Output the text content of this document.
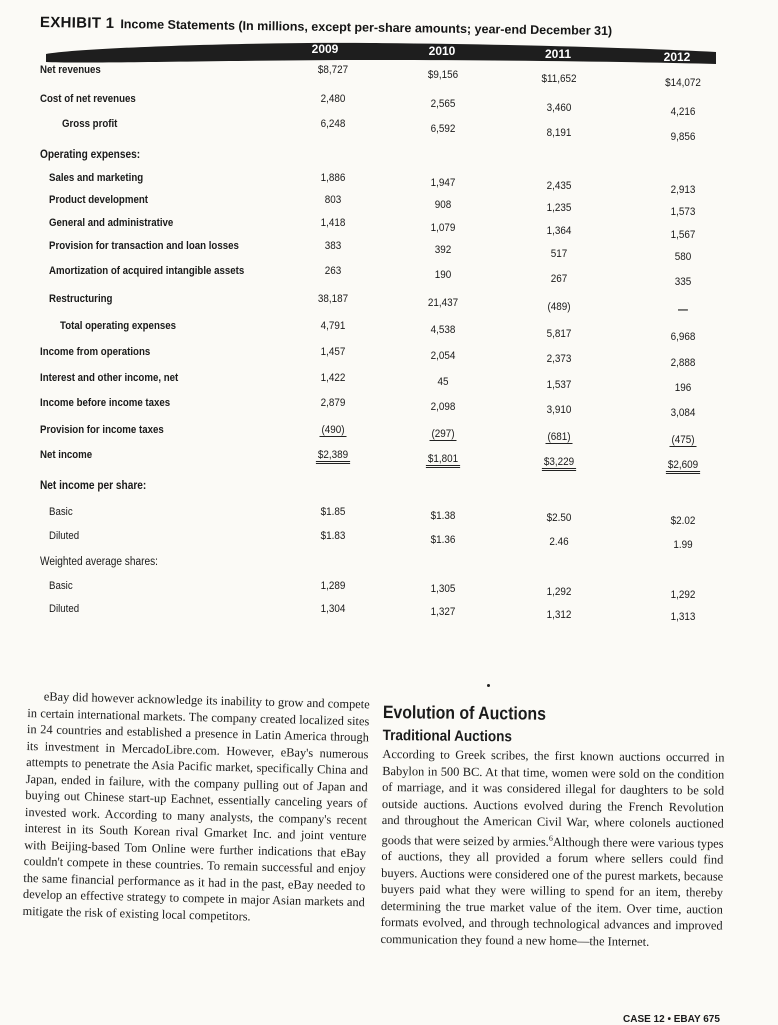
EXHIBIT 1 Income Statements (In millions, except per-share amounts; year-end December 31)
2009	2010	2011	2012
Net revenues	$8,727	$9,156	$11,652	$14,072
Cost of net revenues	2,480	2,565	3,460	4,216
Gross profit	6,248	6,592	8,191	9,856
Operating expenses:
Sales and marketing	1,886	1,947	2,435	2,913
Product development	803	908	1,235	1,573
General and administrative	1,418	1,079	1,364	1,567
Provision for transaction and loan losses	383	392	517	580
Amortization of acquired intangible assets	263	190	267	335
Restructuring	38,187	21,437	(489)	—
Total operating expenses	4,791	4,538	5,817	6,968
Income from operations	1,457	2,054	2,373	2,888
Interest and other income, net	1,422	45	1,537	196
Income before income taxes	2,879	2,098	3,910	3,084
Provision for income taxes	(490)	(297)	(681)	(475)
Net income	$2,389	$1,801	$3,229	$2,609
Net income per share:
Basic	$1.85	$1.38	$2.50	$2.02
Diluted	$1.83	$1.36	2.46	1.99
Weighted average shares:
Basic	1,289	1,305	1,292	1,292
Diluted	1,304	1,327	1,312	1,313

eBay did however acknowledge its inability to grow and compete in certain international markets. The company created localized sites in 24 countries and established a presence in Latin America through its investment in MercadoLibre.com. However, eBay's numerous attempts to penetrate the Asia Pacific market, specifically China and Japan, ended in failure, with the company pulling out of Japan and buying out Chinese start-up Eachnet, essentially canceling years of invested work. According to many analysts, the company's recent interest in its South Korean rival Gmarket Inc. and joint venture with Beijing-based Tom Online were further indications that eBay couldn't compete in these countries. To remain successful and enjoy the same financial performance as it had in the past, eBay needed to develop an effective strategy to compete in major Asian markets and mitigate the risk of existing local competitors.

Evolution of Auctions
Traditional Auctions

According to Greek scribes, the first known auctions occurred in Babylon in 500 BC. At that time, women were sold on the condition of marriage, and it was considered illegal for daughters to be sold outside auctions. Auctions evolved during the French Revolution and throughout the American Civil War, where colonels auctioned goods that were seized by armies.$^6$Although there were various types of auctions, they all provided a forum where sellers could find buyers. Auctions were considered one of the purest markets, because buyers paid what they were willing to spend for an item, thereby determining the true market value of the item. Over time, auction formats evolved, and through technological advances and improved communication they found a new home—the Internet.

CASE 12 • EBAY 675
